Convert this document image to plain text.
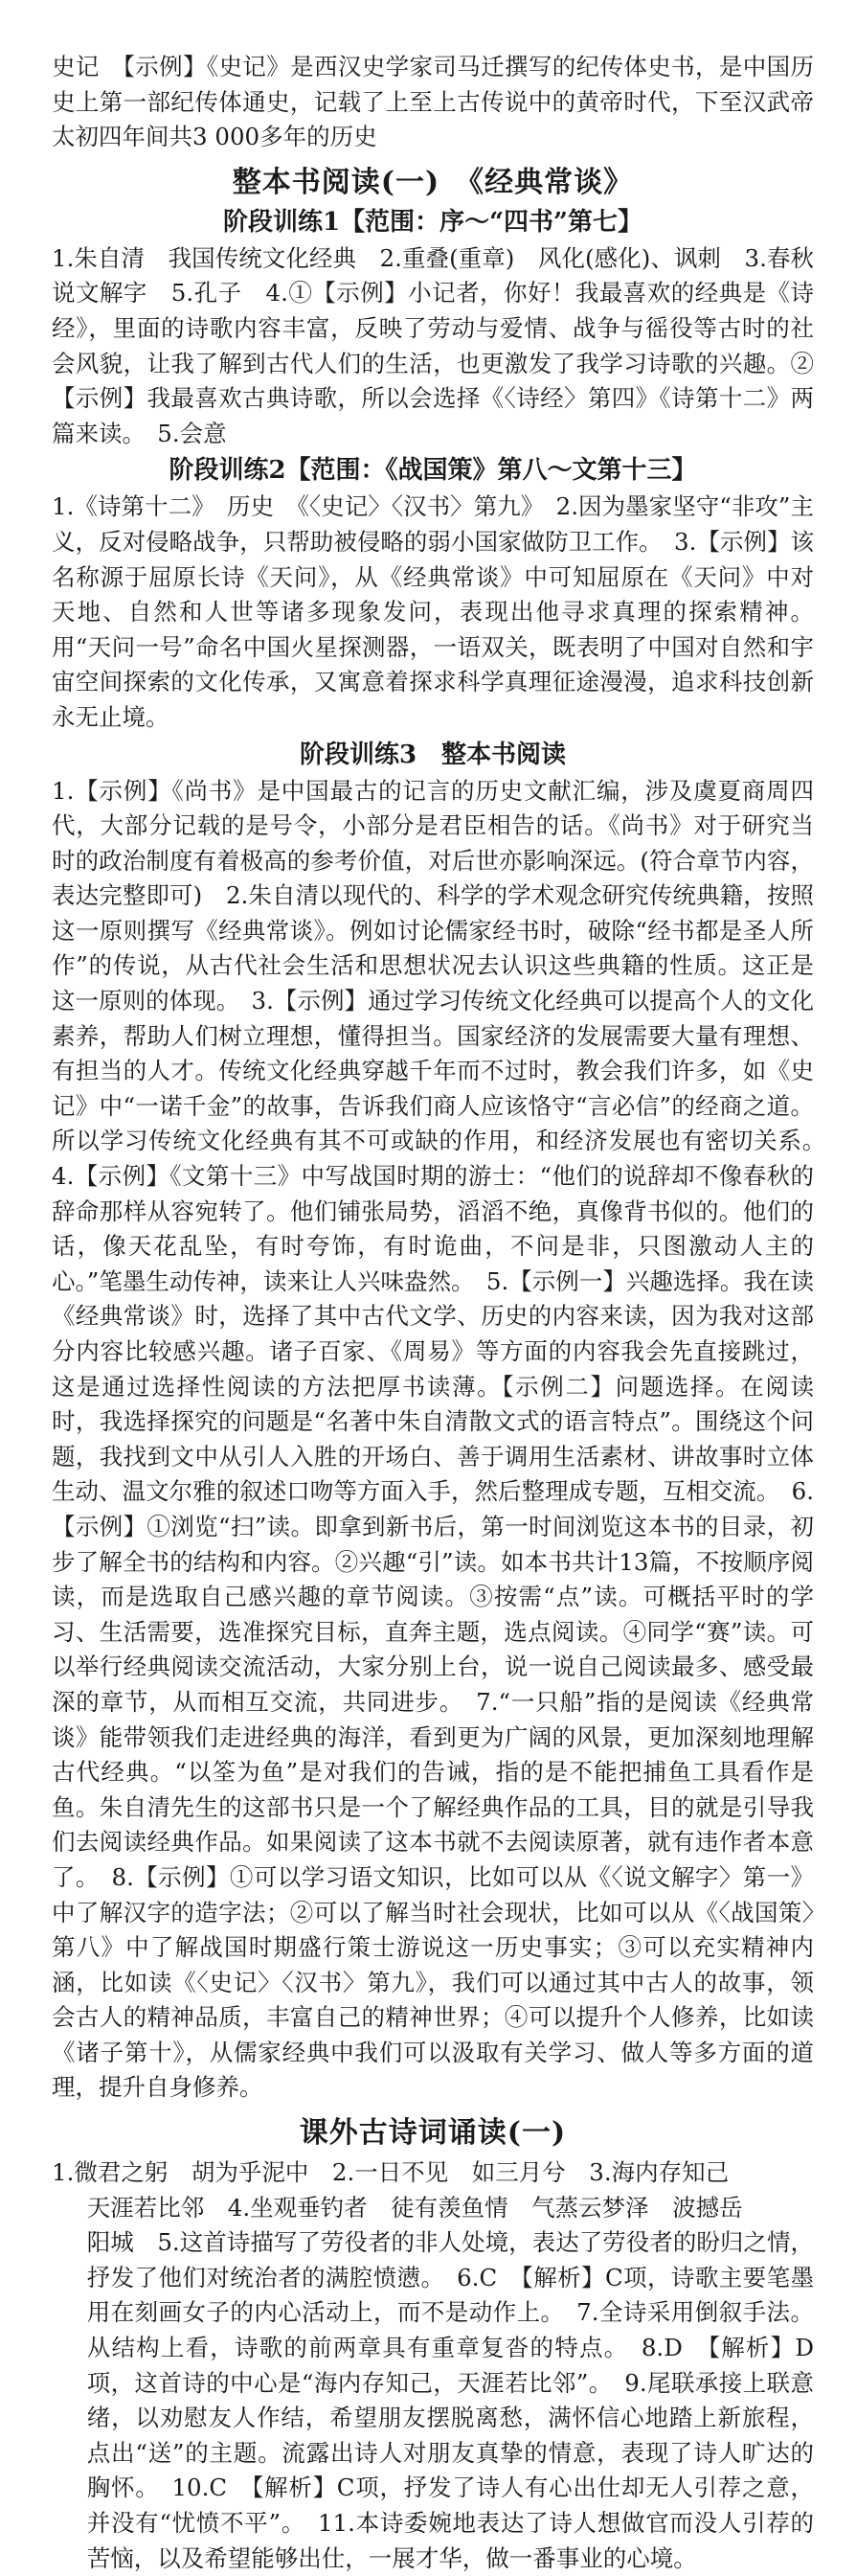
史记　【示例】《史记》是西汉史学家司马迁撰写的纪传体史书，是中国历史上第一部纪传体通史，记载了上至上古传说中的黄帝时代，下至汉武帝太初四年间共3 000多年的历史

整本书阅读(一)　《经典常谈》
阶段训练1【范围：序～“四书”第七】

1.朱自清　我国传统文化经典　2.重叠(重章)　风化(感化)、讽刺　3.春秋　说文解字　5.孔子　4.①【示例】小记者，你好！我最喜欢的经典是《诗经》，里面的诗歌内容丰富，反映了劳动与爱情、战争与徭役等古时的社会风貌，让我了解到古代人们的生活，也更激发了我学习诗歌的兴趣。②【示例】我最喜欢古典诗歌，所以会选择《〈诗经〉第四》《诗第十二》两篇来读。　5.会意

阶段训练2【范围：《战国策》第八～文第十三】

1.《诗第十二》　历史　《〈史记〉〈汉书〉第九》　2.因为墨家坚守“非攻”主义，反对侵略战争，只帮助被侵略的弱小国家做防卫工作。　3.【示例】该名称源于屈原长诗《天问》，从《经典常谈》中可知屈原在《天问》中对天地、自然和人世等诸多现象发问，表现出他寻求真理的探索精神。用“天问一号”命名中国火星探测器，一语双关，既表明了中国对自然和宇宙空间探索的文化传承，又寓意着探求科学真理征途漫漫，追求科技创新永无止境。

阶段训练3　整本书阅读

1.【示例】《尚书》是中国最古的记言的历史文献汇编，涉及虞夏商周四代，大部分记载的是号令，小部分是君臣相告的话。《尚书》对于研究当时的政治制度有着极高的参考价值，对后世亦影响深远。(符合章节内容，表达完整即可)　2.朱自清以现代的、科学的学术观念研究传统典籍，按照这一原则撰写《经典常谈》。例如讨论儒家经书时，破除“经书都是圣人所作”的传说，从古代社会生活和思想状况去认识这些典籍的性质。这正是这一原则的体现。　3.【示例】通过学习传统文化经典可以提高个人的文化素养，帮助人们树立理想，懂得担当。国家经济的发展需要大量有理想、有担当的人才。传统文化经典穿越千年而不过时，教会我们许多，如《史记》中“一诺千金”的故事，告诉我们商人应该恪守“言必信”的经商之道。所以学习传统文化经典有其不可或缺的作用，和经济发展也有密切关系。　4.【示例】《文第十三》中写战国时期的游士：“他们的说辞却不像春秋的辞命那样从容宛转了。他们铺张局势，滔滔不绝，真像背书似的。他们的话，像天花乱坠，有时夸饰，有时诡曲，不问是非，只图激动人主的心。”笔墨生动传神，读来让人兴味盎然。　5.【示例一】兴趣选择。我在读《经典常谈》时，选择了其中古代文学、历史的内容来读，因为我对这部分内容比较感兴趣。诸子百家、《周易》等方面的内容我会先直接跳过，这是通过选择性阅读的方法把厚书读薄。【示例二】问题选择。在阅读时，我选择探究的问题是“名著中朱自清散文式的语言特点”。围绕这个问题，我找到文中从引人入胜的开场白、善于调用生活素材、讲故事时立体生动、温文尔雅的叙述口吻等方面入手，然后整理成专题，互相交流。　6.【示例】①浏览“扫”读。即拿到新书后，第一时间浏览这本书的目录，初步了解全书的结构和内容。②兴趣“引”读。如本书共计13篇，不按顺序阅读，而是选取自己感兴趣的章节阅读。③按需“点”读。可概括平时的学习、生活需要，选准探究目标，直奔主题，选点阅读。④同学“赛”读。可以举行经典阅读交流活动，大家分别上台，说一说自己阅读最多、感受最深的章节，从而相互交流，共同进步。　7.“一只船”指的是阅读《经典常谈》能带领我们走进经典的海洋，看到更为广阔的风景，更加深刻地理解古代经典。“以筌为鱼”是对我们的告诫，指的是不能把捕鱼工具看作是鱼。朱自清先生的这部书只是一个了解经典作品的工具，目的就是引导我们去阅读经典作品。如果阅读了这本书就不去阅读原著，就有违作者本意了。　8.【示例】①可以学习语文知识，比如可以从《〈说文解字〉第一》中了解汉字的造字法；②可以了解当时社会现状，比如可以从《〈战国策〉第八》中了解战国时期盛行策士游说这一历史事实；③可以充实精神内涵，比如读《〈史记〉〈汉书〉第九》，我们可以通过其中古人的故事，领会古人的精神品质，丰富自己的精神世界；④可以提升个人修养，比如读《诸子第十》，从儒家经典中我们可以汲取有关学习、做人等多方面的道理，提升自身修养。

课外古诗词诵读(一)

1.微君之躬　胡为乎泥中　2.一日不见　如三月兮　3.海内存知己

天涯若比邻　4.坐观垂钓者　徒有羡鱼情　气蒸云梦泽　波撼岳

阳城　5.这首诗描写了劳役者的非人处境，表达了劳役者的盼归之情，抒发了他们对统治者的满腔愤懑。　6.C　【解析】C项，诗歌主要笔墨用在刻画女子的内心活动上，而不是动作上。　7.全诗采用倒叙手法。从结构上看，诗歌的前两章具有重章复沓的特点。　8.D　【解析】D项，这首诗的中心是“海内存知己，天涯若比邻”。　9.尾联承接上联意绪，以劝慰友人作结，希望朋友摆脱离愁，满怀信心地踏上新旅程，点出“送”的主题。流露出诗人对朋友真挚的情意，表现了诗人旷达的胸怀。　10.C　【解析】C项，抒发了诗人有心出仕却无人引荐之意，并没有“忧愤不平”。　11.本诗委婉地表达了诗人想做官而没人引荐的苦恼，以及希望能够出仕，一展才华，做一番事业的心境。
